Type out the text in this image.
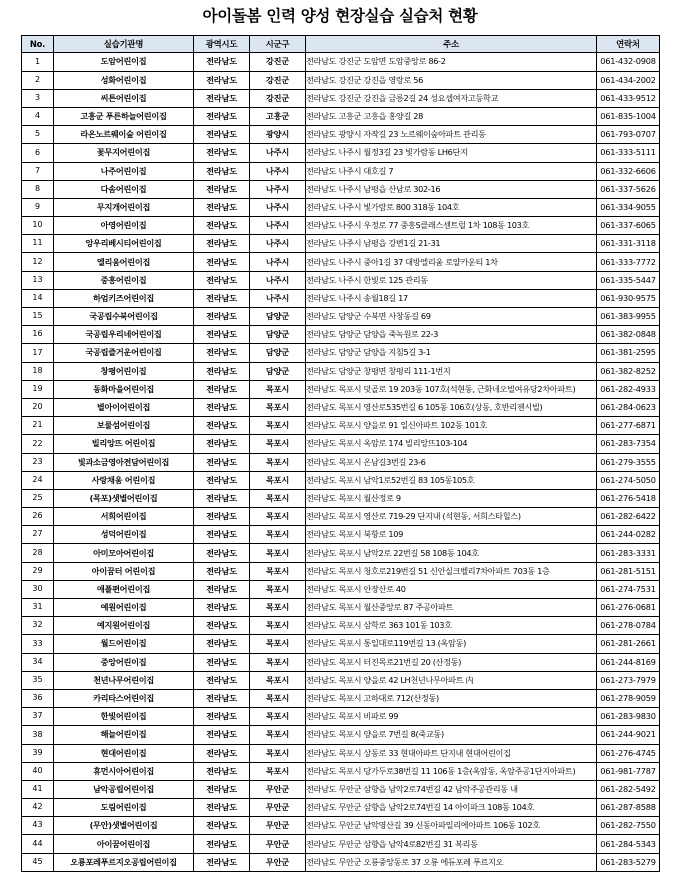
아이돌봄 인력 양성 현장실습 실습처 현황
No.	실습기관명	광역시도	시군구	주소	연락처
1	도암어린이집	전라남도	강진군	전라남도 강진군 도암면 도암중앙로 86-2	061-432-0908
2	성화어린이집	전라남도	강진군	전라남도 강진군 강진읍 영랑로 56	061-434-2002
3	씨튼어린이집	전라남도	강진군	전라남도 강진군 강진읍 금릉2길 24 성요셉여자고등학교	061-433-9512
4	고흥군 푸른하늘어린이집	전라남도	고흥군	전라남도 고흥군 고흥읍 홍양길 28	061-835-1004
5	라온노르웨이숲 어린이집	전라남도	광양시	전라남도 광양시 자작길 23 노르웨이숲아파트 관리동	061-793-0707
6	꽃무지어린이집	전라남도	나주시	전라남도 나주시 월정3길 23 빛가람동 LH6단지	061-333-5111
7	나주어린이집	전라남도	나주시	전라남도 나주시 대호길 7	061-332-6606
8	다솜어린이집	전라남도	나주시	전라남도 나주시 남평읍 산남로 302-16	061-337-5626
9	무지개어린이집	전라남도	나주시	전라남도 나주시 빛가람로 800 318동 104호	061-334-9055
10	아영어린이집	전라남도	나주시	전라남도 나주시 우정로 77 중흥S클래스센트럴 1차 108동 103호	061-337-6065
11	앙우리베시티어린이집	전라남도	나주시	전라남도 나주시 남평읍 강변1길 21-31	061-331-3118
12	엘리움어린이집	전라남도	나주시	전라남도 나주시 중아1길 37 대방엘리움 로얄카운티 1차	061-333-7772
13	중흥어린이집	전라남도	나주시	전라남도 나주시 한빛로 125 관리동	061-335-5447
14	하엄키즈어린이집	전라남도	나주시	전라남도 나주시 송월18길 17	061-930-9575
15	국공립수북어린이집	전라남도	담양군	전라남도 담양군 수북면 사창동길 69	061-383-9955
16	국공립우리네어린이집	전라남도	담양군	전라남도 담양군 담양읍 죽녹원로 22-3	061-382-0848
17	국공립즐거운어린이집	전라남도	담양군	전라남도 담양군 담양읍 지침5길 3-1	061-381-2595
18	창평어린이집	전라남도	담양군	전라남도 담양군 창평면 창평리 111-1번지	061-382-8252
19	동화마을어린이집	전라남도	목포시	전라남도 목포시 덧골로 19 203동 107호(석현동, 근화네오빌여유당2차아파트)	061-282-4933
20	별아이어린이집	전라남도	목포시	전라남도 목포시 영산로535번길 6 105동 106호(상동, 호반리젠시빌)	061-284-0623
21	보물섬어린이집	전라남도	목포시	전라남도 목포시 양을로 91 일신아파트 102동 101호	061-277-6871
22	빌리앙뜨 어린이집	전라남도	목포시	전라남도 목포시 옥암로 174 빌리앙뜨103-104	061-283-7354
23	빛과소금영아전담어린이집	전라남도	목포시	전라남도 목포시 온남길3번길 23-6	061-279-3555
24	사랑채움 어린이집	전라남도	목포시	전라남도 목포시 남악1로52번길 83 105동105호	061-274-5050
25	(목포)샛별어린이집	전라남도	목포시	전라남도 목포시 월산정로 9	061-276-5418
26	서희어린이집	전라남도	목포시	전라남도 목포시 영산로 719-29 단지내 (석현동, 서희스타힐스)	061-282-6422
27	성덕어린이집	전라남도	목포시	전라남도 목포시 북항로 109	061-244-0282
28	아미모아어린이집	전라남도	목포시	전라남도 목포시 남악2로 22번길 58 108동 104호	061-283-3331
29	아이꿈터 어린이집	전라남도	목포시	전라남도 목포시 청호로219번길 51 신안실크벨리7차아파트 703동 1층	061-281-5151
30	애플편어린이집	전라남도	목포시	전라남도 목포시 안장산로 40	061-274-7531
31	예원어린이집	전라남도	목포시	전라남도 목포시 월산중앙로 87 주공아파트	061-276-0681
32	예지원어린이집	전라남도	목포시	전라남도 목포시 삼학로 363 101동 103호	061-278-0784
33	월드어린이집	전라남도	목포시	전라남도 목포시 통일대로119번길 13 (옥암동)	061-281-2661
34	중앙어린이집	전라남도	목포시	전라남도 목포시 터진목로21번길 20 (산정동)	061-244-8169
35	천년나무어린이집	전라남도	목포시	전라남도 목포시 양을로 42 LH천년나무아파트 内	061-273-7979
36	카리타스어린이집	전라남도	목포시	전라남도 목포시 고하대로 712(산정동)	061-278-9059
37	한빛어린이집	전라남도	목포시	전라남도 목포시 비파로 99	061-283-9830
38	해늘어린이집	전라남도	목포시	전라남도 목포시 양을로 7번길 8(죽교동)	061-244-9021
39	현대어린이집	전라남도	목포시	전라남도 목포시 상동로 33 현대아파트 단지내 현대어린이집	061-276-4745
40	휴먼시아어린이집	전라남도	목포시	전라남도 목포시 당가두로38번길 11 106동 1층(옥암동, 옥암주공1단지아파트)	061-981-7787
41	남악공립어린이집	전라남도	무안군	전라남도 무안군 삼향읍 남악2로74번길 42 남악주공관리동 내	061-282-5492
42	도림어린이집	전라남도	무안군	전라남도 무안군 삼향읍 남악2로74번길 14 아이파크 108동 104호	061-287-8588
43	(무안)샛별어린이집	전라남도	무안군	전라남도 무안군 남악영산길 39 신동아파밀리에아파트 106동 102호	061-282-7550
44	아이꿈어린이집	전라남도	무안군	전라남도 무안군 삼향읍 남악4로82번길 31 복리동	061-284-5343
45	오룡포레푸르지오공립어린이집	전라남도	무안군	전라남도 무안군 오룡중앙동로 37 오룡 에듀포레 푸르지오	061-283-5279
